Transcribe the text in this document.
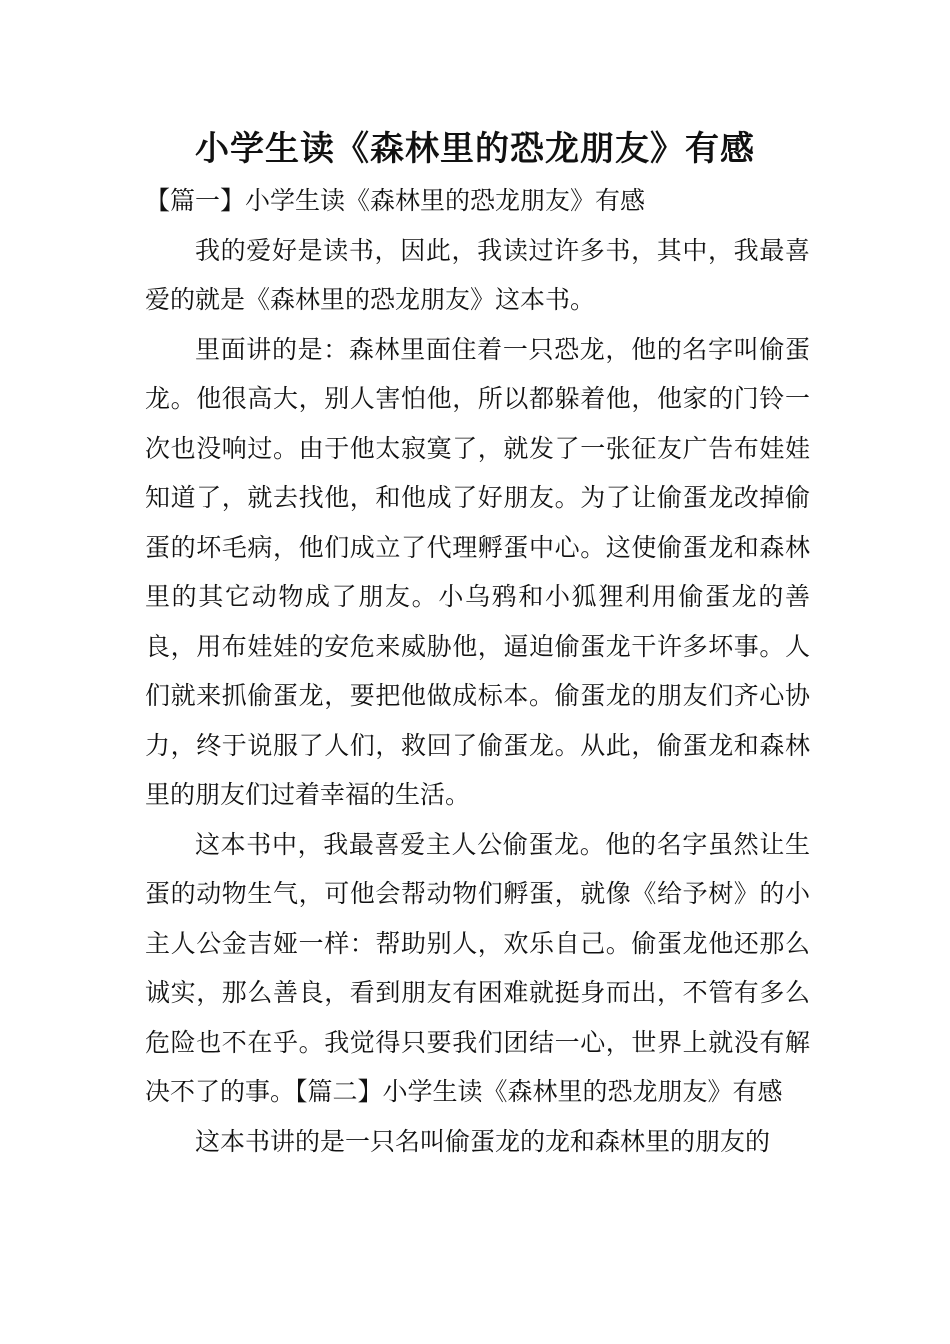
小学生读《森林里的恐龙朋友》有感

【篇一】小学生读《森林里的恐龙朋友》有感

我的爱好是读书，因此，我读过许多书，其中，我最喜爱的就是《森林里的恐龙朋友》这本书。

里面讲的是：森林里面住着一只恐龙，他的名字叫偷蛋龙。他很高大，别人害怕他，所以都躲着他，他家的门铃一次也没响过。由于他太寂寞了，就发了一张征友广告布娃娃知道了，就去找他，和他成了好朋友。为了让偷蛋龙改掉偷蛋的坏毛病，他们成立了代理孵蛋中心。这使偷蛋龙和森林里的其它动物成了朋友。小乌鸦和小狐狸利用偷蛋龙的善良，用布娃娃的安危来威胁他，逼迫偷蛋龙干许多坏事。人们就来抓偷蛋龙，要把他做成标本。偷蛋龙的朋友们齐心协力，终于说服了人们，救回了偷蛋龙。从此，偷蛋龙和森林里的朋友们过着幸福的生活。

这本书中，我最喜爱主人公偷蛋龙。他的名字虽然让生蛋的动物生气，可他会帮动物们孵蛋，就像《给予树》的小主人公金吉娅一样：帮助别人，欢乐自己。偷蛋龙他还那么诚实，那么善良，看到朋友有困难就挺身而出，不管有多么危险也不在乎。我觉得只要我们团结一心，世界上就没有解决不了的事。【篇二】小学生读《森林里的恐龙朋友》有感

这本书讲的是一只名叫偷蛋龙的龙和森林里的朋友的
